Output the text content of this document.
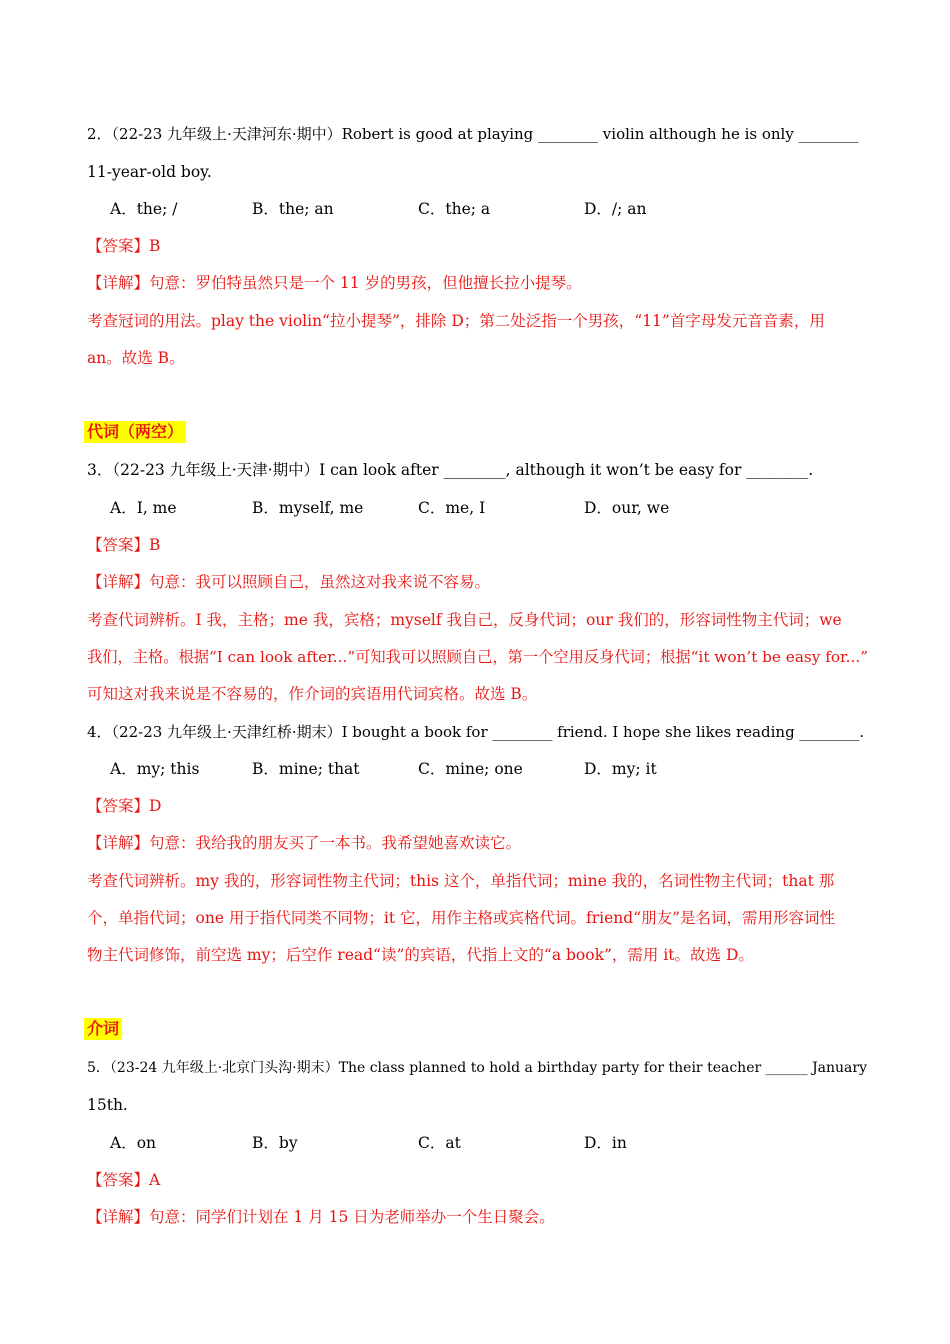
2．（22-23 九年级上·天津河东·期中）Robert is good at playing ________ violin although he is only ________
11-year-old boy.
A．the; /	B．the; an	C．the; a	D．/; an
【答案】B
【详解】句意：罗伯特虽然只是一个 11 岁的男孩，但他擅长拉小提琴。
考查冠词的用法。play the violin“拉小提琴”，排除 D；第二处泛指一个男孩，“11”首字母发元音音素，用
an。故选 B。
代词（两空）
3．（22-23 九年级上·天津·期中）I can look after ________, although it won’t be easy for ________.
A．I, me	B．myself, me	C．me, I	D．our, we
【答案】B
【详解】句意：我可以照顾自己，虽然这对我来说不容易。
考查代词辨析。I 我，主格；me 我，宾格；myself 我自己，反身代词；our 我们的，形容词性物主代词；we
我们，主格。根据“I can look after...”可知我可以照顾自己，第一个空用反身代词；根据“it won’t be easy for...”
可知这对我来说是不容易的，作介词的宾语用代词宾格。故选 B。
4．（22-23 九年级上·天津红桥·期末）I bought a book for ________ friend. I hope she likes reading ________.
A．my; this	B．mine; that	C．mine; one	D．my; it
【答案】D
【详解】句意：我给我的朋友买了一本书。我希望她喜欢读它。
考查代词辨析。my 我的，形容词性物主代词；this 这个，单指代词；mine 我的，名词性物主代词；that 那
个，单指代词；one 用于指代同类不同物；it 它，用作主格或宾格代词。friend“朋友”是名词，需用形容词性
物主代词修饰，前空选 my；后空作 read“读”的宾语，代指上文的“a book”，需用 it。故选 D。
介词
5．（23-24 九年级上·北京门头沟·期末）The class planned to hold a birthday party for their teacher ______ January
15th.
A．on	B．by	C．at	D．in
【答案】A
【详解】句意：同学们计划在 1 月 15 日为老师举办一个生日聚会。
